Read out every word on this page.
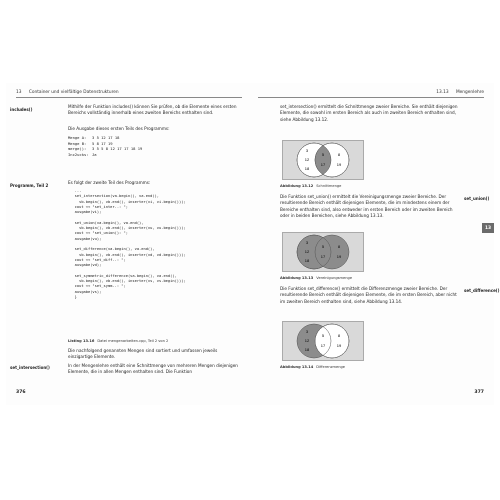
13 Container und vielfältige Datenstrukturen
includes()
Mithilfe der Funktion includes() können Sie prüfen, ob die Elemente eines ersten Bereichs vollständig innerhalb eines zweiten Bereichs enthalten sind.
Die Ausgabe dieses ersten Teils des Programms:
Menge A:	3 5 12 17 18
Menge B:	5 8 17 19
merge():	3 5 5 8 12 17 17 18 19
Inc2ucks: Ja
Programm, Teil 2
Es folgt der zweite Teil des Programms:
...
set_intersection(va.begin(), va.end(),
vb.begin(), vb.end(), inserter(vi, vi.begin()));
cout << "set_inter..: ";
ausgabe(vi);

set_union(va.begin(), va.end(),
vb.begin(), vb.end(), inserter(vu, vu.begin()));
cout << "set_union(): ";
ausgabe(vu);

set_difference(va.begin(), va.end(),
vb.begin(), vb.end(), inserter(vd, vd.begin()));
cout << "set_diff..: ";
ausgabe(vd);

set_symmetric_difference(va.begin(), va.end(),
vb.begin(), vb.end(), inserter(vs, vs.begin()));
cout << "set_symm..: ";
ausgabe(vs);
}
Listing 13.16 Datei mengenarbeiten.cpp, Teil 2 von 2
Die nachfolgend genannten Mengen sind sortiert und umfassen jeweils einzigartige Elemente.
set_intersection()	In der Mengenlehre enthält eine Schnittmenge von mehreren Mengen diejenigen Elemente, die in allen Mengen enthalten sind. Die Funktion
376
13.13 Mengenlehre
set_intersection() ermittelt die Schnittmenge zweier Bereiche. Sie enthält diejenigen Elemente, die sowohl im ersten Bereich als auch im zweiten Bereich enthalten sind, siehe Abbildung 13.12.
3
12
18
5
17
8
19
Abbildung 13.12 Schnittmenge
set_union()
Die Funktion set_union() ermittelt die Vereinigungsmenge zweier Bereiche. Der resultierende Bereich enthält diejenigen Elemente, die im mindestens einem der Bereiche enthalten sind, also entweder im ersten Bereich oder im zweiten Bereich oder in beiden Bereichen, siehe Abbildung 13.13.
3
12
18
5
17
8
19
Abbildung 13.13 Vereinigungsmenge
set_difference()
Die Funktion set_difference() ermittelt die Differenzmenge zweier Bereiche. Der resultierende Bereich enthält diejenigen Elemente, die im ersten Bereich, aber nicht im zweiten Bereich enthalten sind, siehe Abbildung 13.14.
3
12
18
5
17
8
19
Abbildung 13.14 Differenzmenge
13
377
